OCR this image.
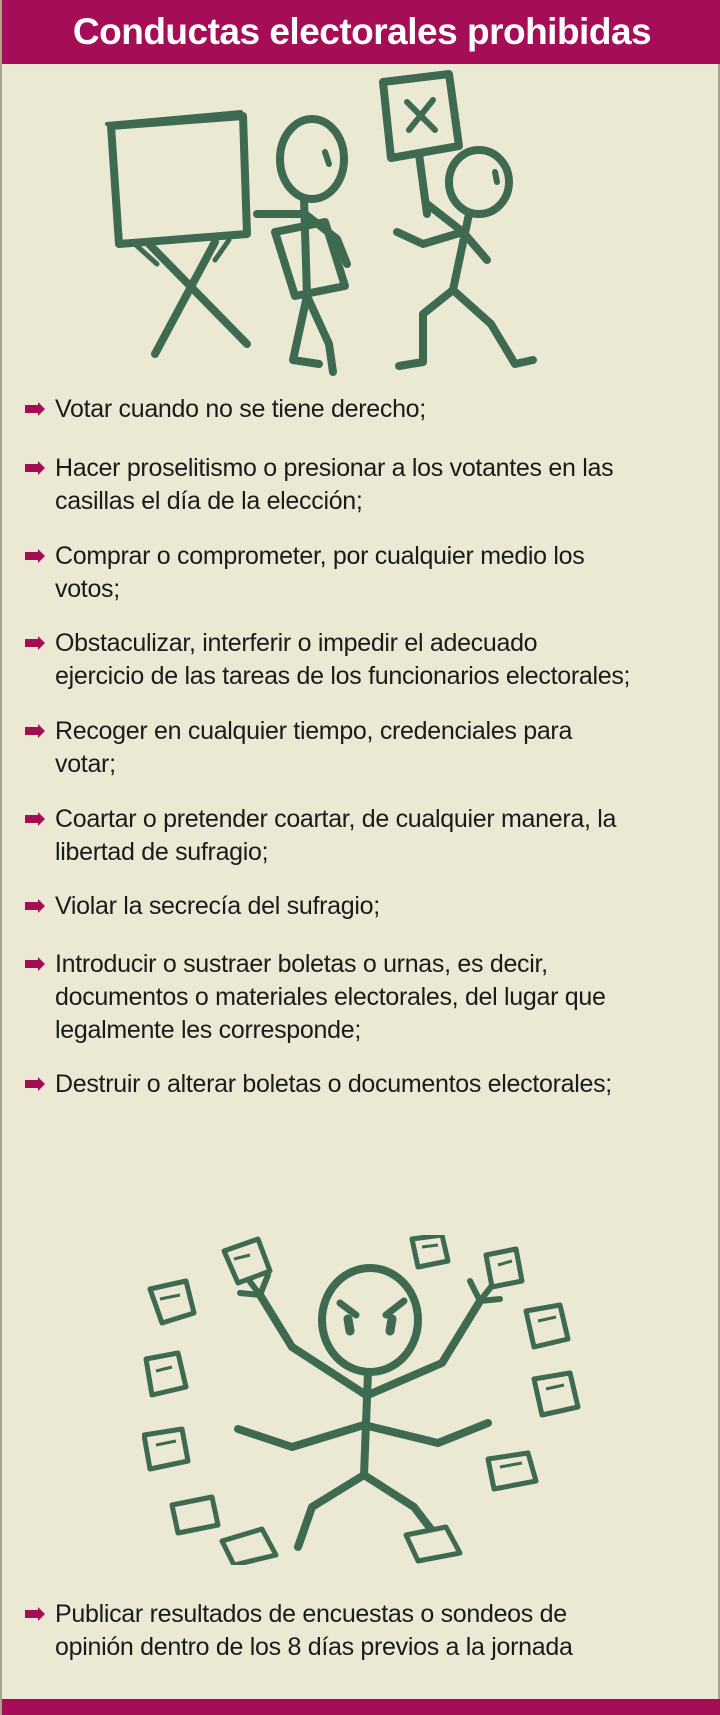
Conductas electorales prohibidas
Votar cuando no se tiene derecho;
Hacer proselitismo o presionar a los votantes en las
casillas el día de la elección;
Comprar o comprometer, por cualquier medio los
votos;
Obstaculizar, interferir o impedir el adecuado
ejercicio de las tareas de los funcionarios electorales;
Recoger en cualquier tiempo, credenciales para
votar;
Coartar o pretender coartar, de cualquier manera, la
libertad de sufragio;
Violar la secrecía del sufragio;
Introducir o sustraer boletas o urnas, es decir,
documentos o materiales electorales, del lugar que
legalmente les corresponde;
Destruir o alterar boletas o documentos electorales;
Publicar resultados de encuestas o sondeos de
opinión dentro de los 8 días previos a la jornada
